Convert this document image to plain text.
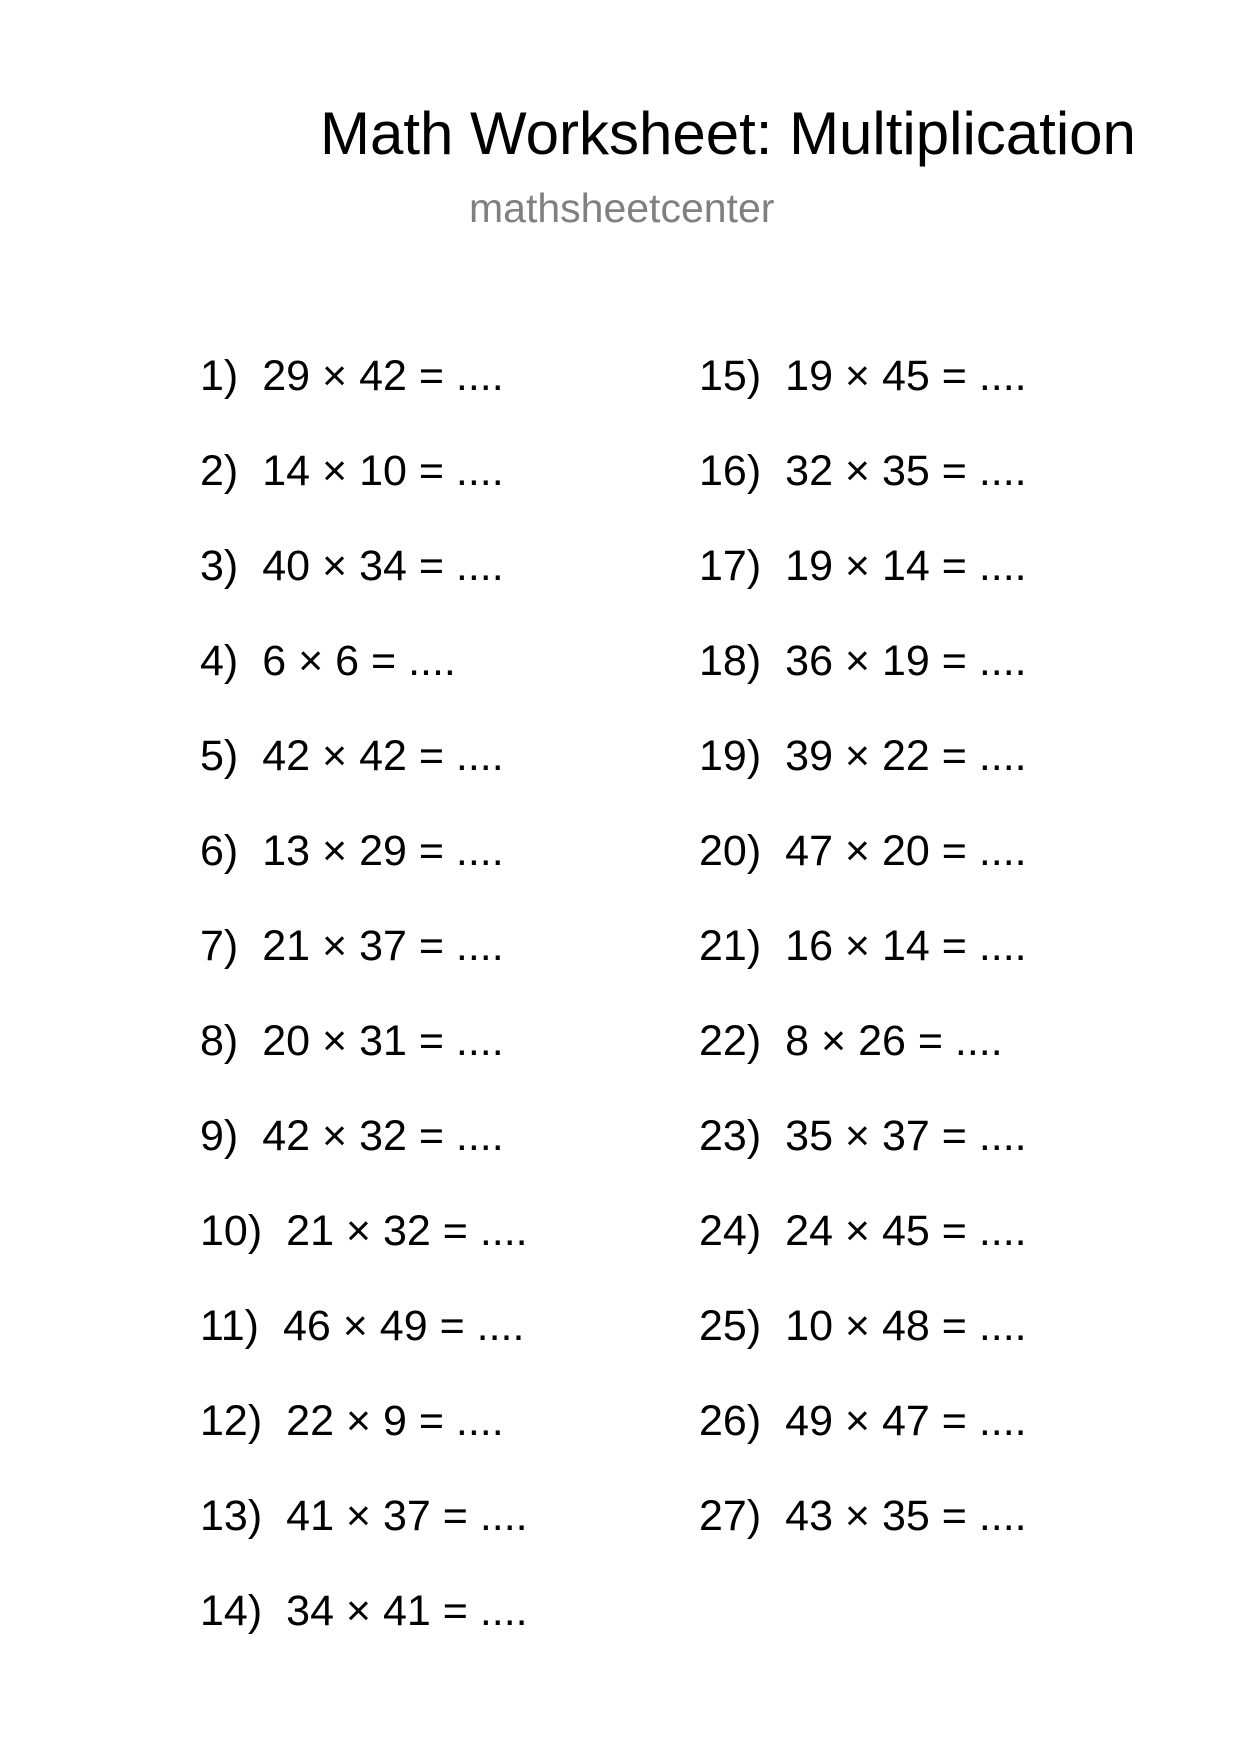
Math Worksheet: Multiplication
mathsheetcenter
1) 29 × 42 = ....
2) 14 × 10 = ....
3) 40 × 34 = ....
4) 6 × 6 = ....
5) 42 × 42 = ....
6) 13 × 29 = ....
7) 21 × 37 = ....
8) 20 × 31 = ....
9) 42 × 32 = ....
10) 21 × 32 = ....
11) 46 × 49 = ....
12) 22 × 9 = ....
13) 41 × 37 = ....
14) 34 × 41 = ....
15) 19 × 45 = ....
16) 32 × 35 = ....
17) 19 × 14 = ....
18) 36 × 19 = ....
19) 39 × 22 = ....
20) 47 × 20 = ....
21) 16 × 14 = ....
22) 8 × 26 = ....
23) 35 × 37 = ....
24) 24 × 45 = ....
25) 10 × 48 = ....
26) 49 × 47 = ....
27) 43 × 35 = ....
